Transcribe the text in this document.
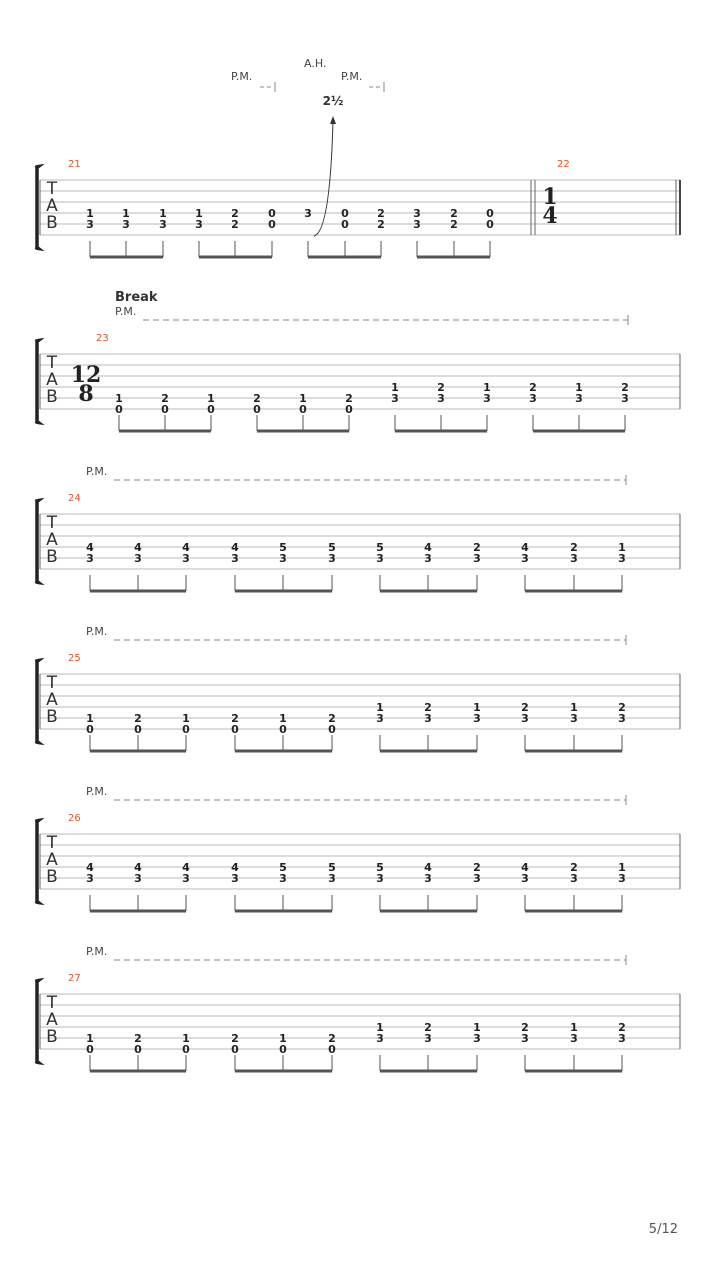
T
A
B
21
1
3
1
3
1
3
1
3
2
2
0
0
3	0
0
2
2
3
3
2
2
0
0
22
1
4
P.M.	P.M.
A.H.
2½
T
A
B
23
12
8 1
0
2
0
1
0
2
0
1
0
2
0
1
3
2
3
1
3
2
3
1
3
2
3
P.M.
Break
T
A
B
24
4
3
4
3
4
3
4
3
5
3
5
3
5
3
4
3
2
3
4
3
2
3
1
3
P.M.
T
A
B
25
1
0
2
0
1
0
2
0
1
0
2
0
1
3
2
3
1
3
2
3
1
3
2
3
P.M.
T
A
B
26
4
3
4
3
4
3
4
3
5
3
5
3
5
3
4
3
2
3
4
3
2
3
1
3
P.M.
T
A
B
27
1
0
2
0
1
0
2
0
1
0
2
0
1
3
2
3
1
3
2
3
1
3
2
3
P.M.
5/12
